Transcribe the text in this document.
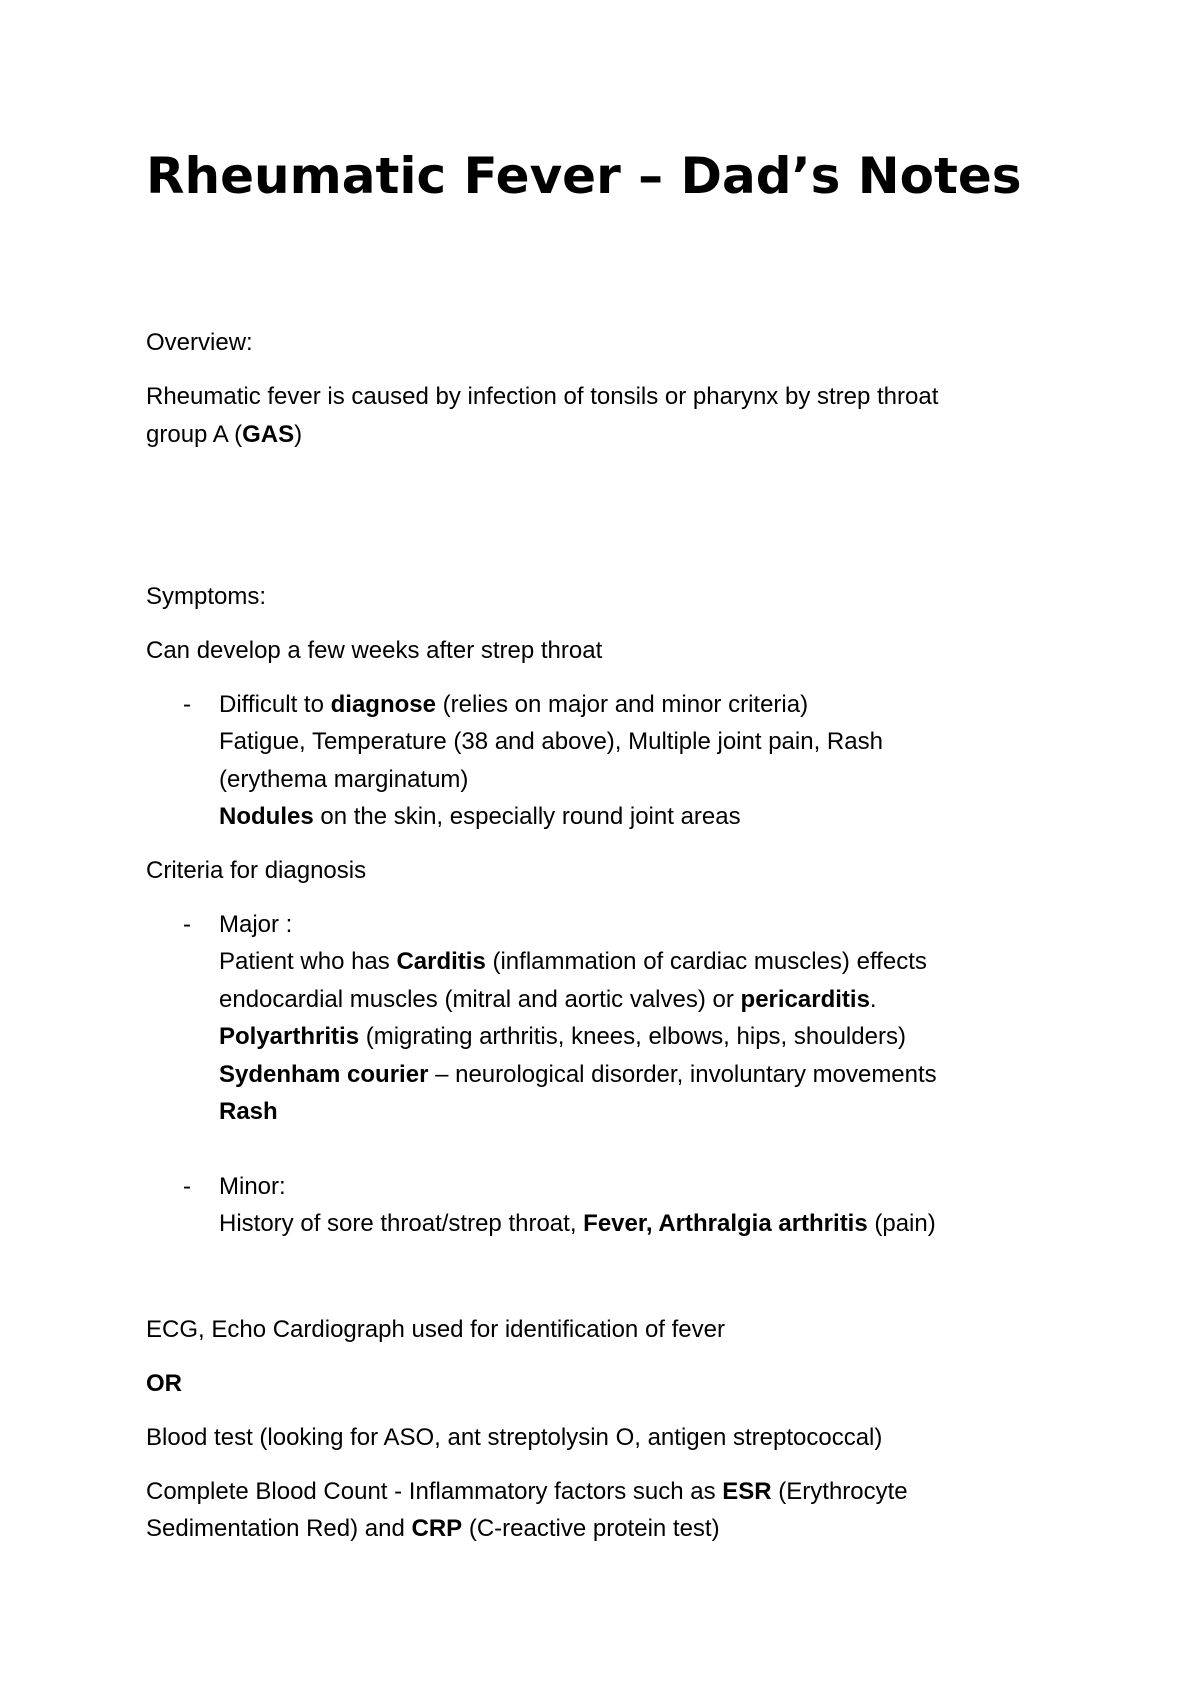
Rheumatic Fever – Dad’s Notes
Overview:
Rheumatic fever is caused by infection of tonsils or pharynx by strep throat
group A (GAS)
Symptoms:
Can develop a few weeks after strep throat
- Difficult to diagnose (relies on major and minor criteria)
Fatigue, Temperature (38 and above), Multiple joint pain, Rash
(erythema marginatum)
Nodules on the skin, especially round joint areas
Criteria for diagnosis
- Major :
Patient who has Carditis (inflammation of cardiac muscles) effects
endocardial muscles (mitral and aortic valves) or pericarditis.
Polyarthritis (migrating arthritis, knees, elbows, hips, shoulders)
Sydenham courier – neurological disorder, involuntary movements
Rash
- Minor:
History of sore throat/strep throat, Fever, Arthralgia arthritis (pain)
ECG, Echo Cardiograph used for identification of fever
OR
Blood test (looking for ASO, ant streptolysin O, antigen streptococcal)
Complete Blood Count - Inflammatory factors such as ESR (Erythrocyte
Sedimentation Red) and CRP (C-reactive protein test)
